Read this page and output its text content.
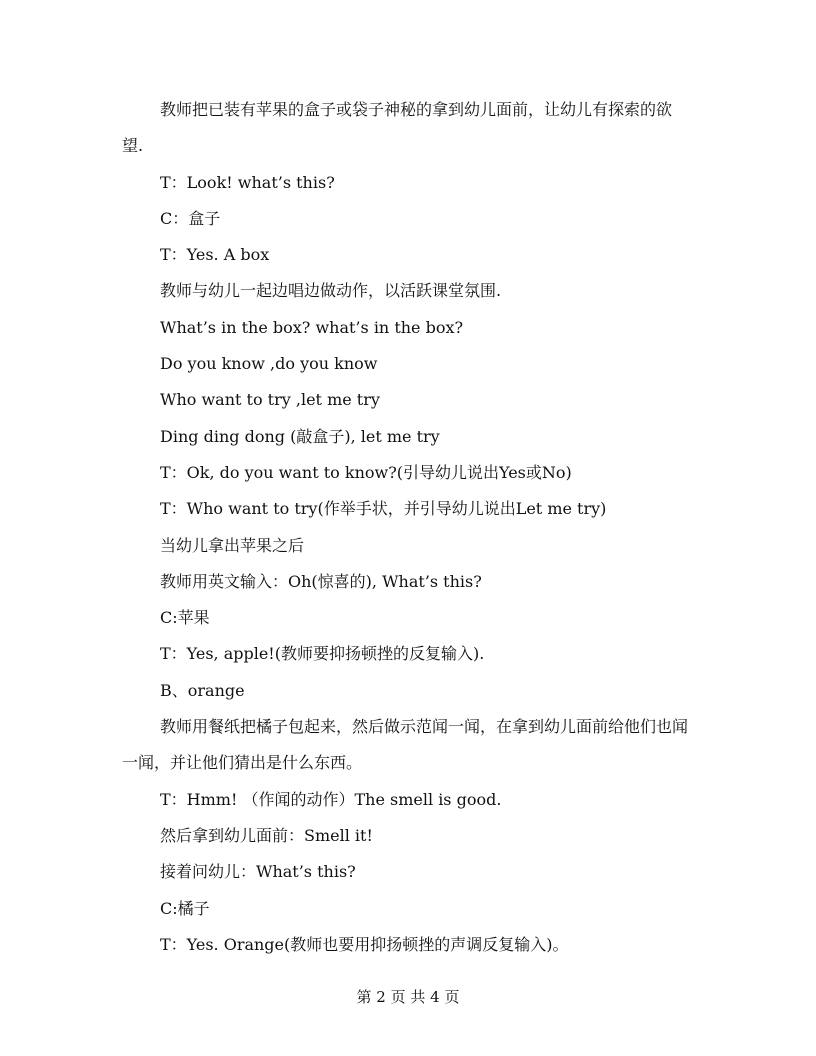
教师把已装有苹果的盒子或袋子神秘的拿到幼儿面前，让幼儿有探索的欲望.

T：Look! what’s this?

C：盒子

T：Yes. A box

教师与幼儿一起边唱边做动作，以活跃课堂氛围.

What’s in the box? what’s in the box?

Do you know ,do you know

Who want to try ,let me try

Ding ding dong (敲盒子), let me try

T：Ok, do you want to know?(引导幼儿说出Yes或No)

T：Who want to try(作举手状，并引导幼儿说出Let me try)

当幼儿拿出苹果之后

教师用英文输入：Oh(惊喜的), What’s this?

C:苹果

T：Yes, apple!(教师要抑扬顿挫的反复输入).

B、orange

教师用餐纸把橘子包起来，然后做示范闻一闻，在拿到幼儿面前给他们也闻一闻，并让他们猜出是什么东西。

T：Hmm! （作闻的动作）The smell is good.

然后拿到幼儿面前：Smell it!

接着问幼儿：What’s this?

C:橘子

T：Yes. Orange(教师也要用抑扬顿挫的声调反复输入)。

第 2 页 共 4 页
